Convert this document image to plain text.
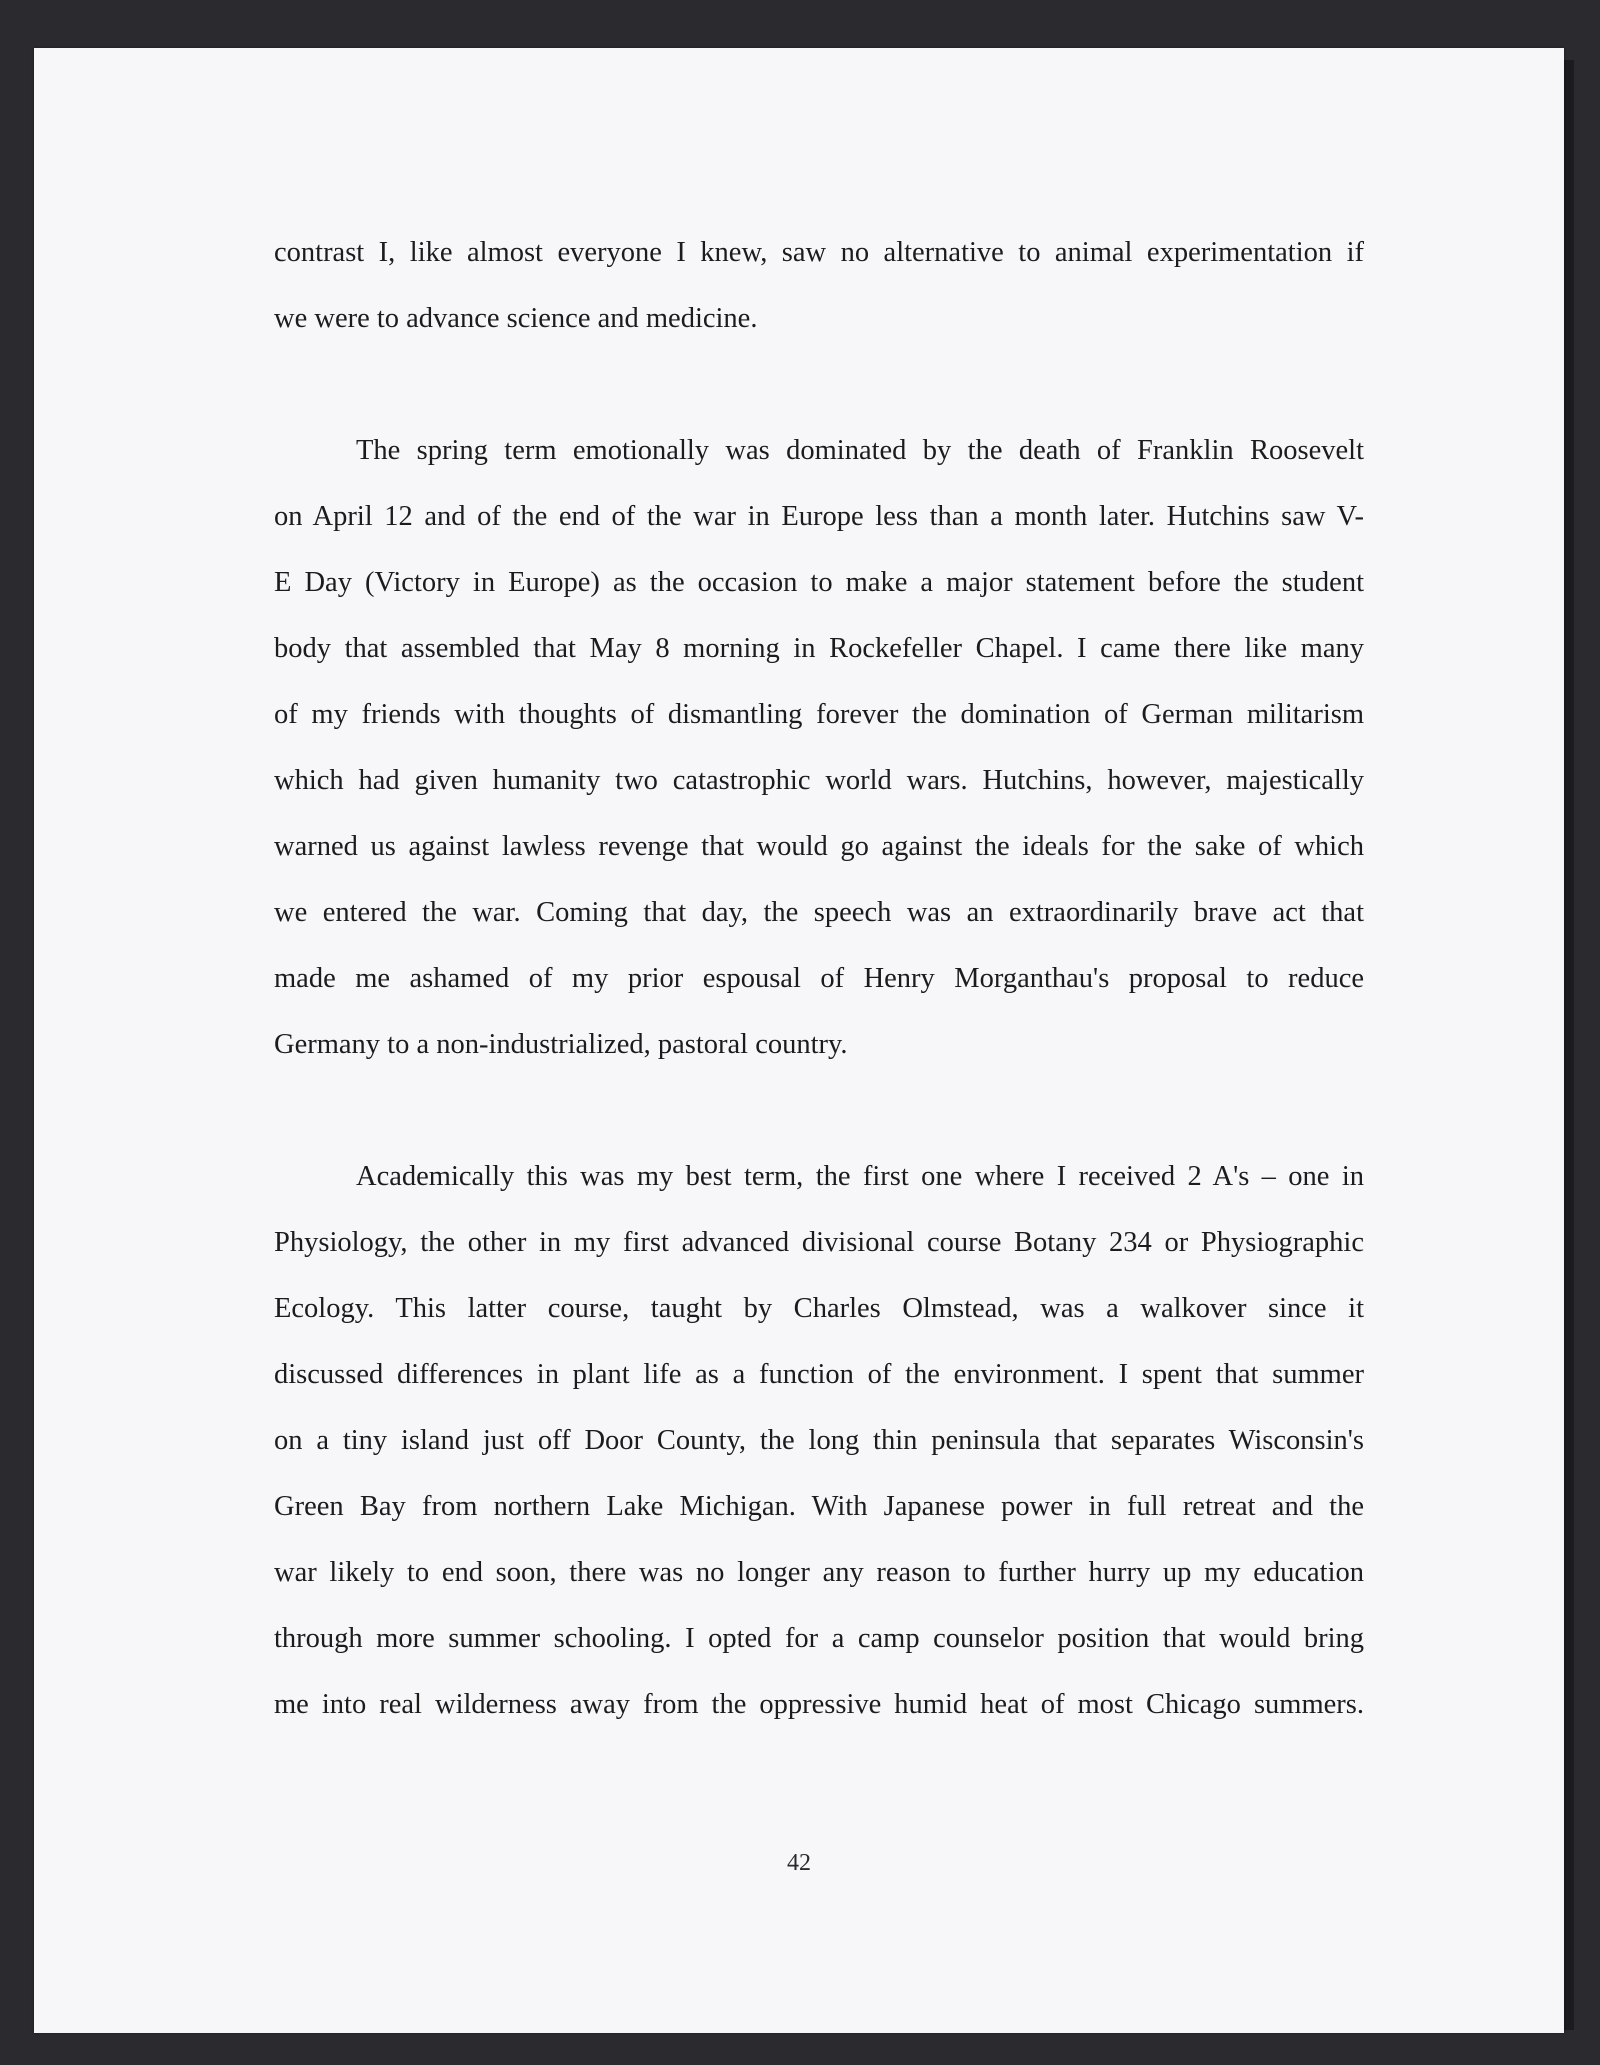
contrast I, like almost everyone I knew, saw no alternative to animal experimentation if
we were to advance science and medicine.
The spring term emotionally was dominated by the death of Franklin Roosevelt
on April 12 and of the end of the war in Europe less than a month later. Hutchins saw V-
E Day (Victory in Europe) as the occasion to make a major statement before the student
body that assembled that May 8 morning in Rockefeller Chapel. I came there like many
of my friends with thoughts of dismantling forever the domination of German militarism
which had given humanity two catastrophic world wars. Hutchins, however, majestically
warned us against lawless revenge that would go against the ideals for the sake of which
we entered the war. Coming that day, the speech was an extraordinarily brave act that
made me ashamed of my prior espousal of Henry Morganthau's proposal to reduce
Germany to a non-industrialized, pastoral country.
Academically this was my best term, the first one where I received 2 A's – one in
Physiology, the other in my first advanced divisional course Botany 234 or Physiographic
Ecology. This latter course, taught by Charles Olmstead, was a walkover since it
discussed differences in plant life as a function of the environment. I spent that summer
on a tiny island just off Door County, the long thin peninsula that separates Wisconsin's
Green Bay from northern Lake Michigan. With Japanese power in full retreat and the
war likely to end soon, there was no longer any reason to further hurry up my education
through more summer schooling. I opted for a camp counselor position that would bring
me into real wilderness away from the oppressive humid heat of most Chicago summers.
42
